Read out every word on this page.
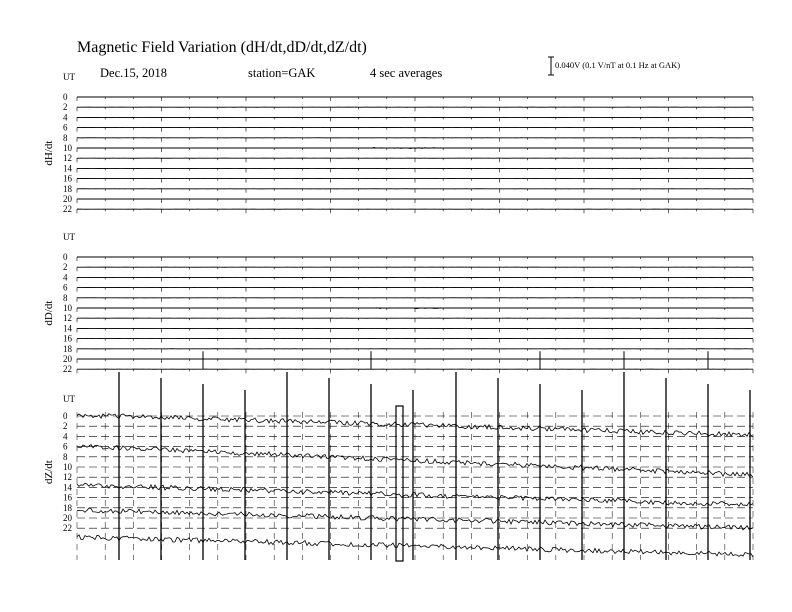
Magnetic Field Variation (dH/dt,dD/dt,dZ/dt)
Dec.15, 2018	station=GAK	4 sec averages
0.040V (0.1 V/nT at 0.1 Hz at GAK)
UT
dH/dt
0
2
4
6
8
10
12
14
16
18
20
22
UT
dD/dt
0
2
4
6
8
10
12
14
16
18
20
22
UT
dZ/dt
0
2
4
6
8
10
12
14
16
18
20
22
